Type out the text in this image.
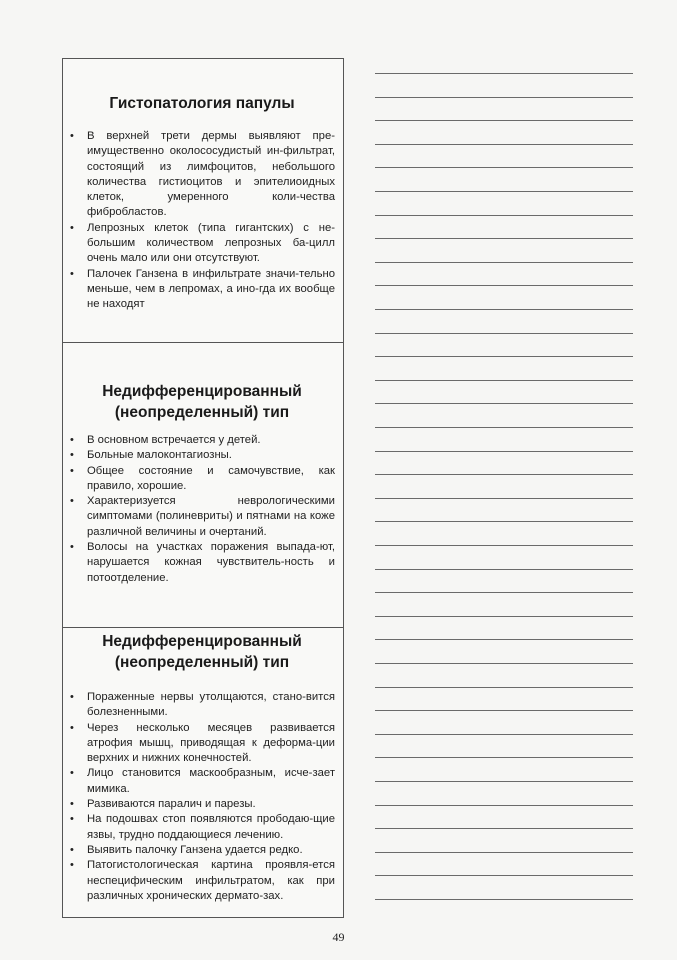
Гистопатология папулы
• В верхней трети дермы выявляют пре-имущественно околососудистый ин-фильтрат, состоящий из лимфоцитов, небольшого количества гистиоцитов и эпителиоидных клеток, умеренного коли-чества фибробластов.
• Лепрозных клеток (типа гигантских) с не-большим количеством лепрозных ба-цилл очень мало или они отсутствуют.
• Палочек Ганзена в инфильтрате значи-тельно меньше, чем в лепромах, а ино-гда их вообще не находят
Недифференцированный (неопределенный) тип
• В основном встречается у детей.
• Больные малоконтагиозны.
• Общее состояние и самочувствие, как правило, хорошие.
• Характеризуется неврологическими симптомами (полиневриты) и пятнами на коже различной величины и очертаний.
• Волосы на участках поражения выпада-ют, нарушается кожная чувствитель-ность и потоотделение.
Недифференцированный (неопределенный) тип
• Пораженные нервы утолщаются, стано-вится болезненными.
• Через несколько месяцев развивается атрофия мышц, приводящая к деформа-ции верхних и нижних конечностей.
• Лицо становится маскообразным, исче-зает мимика.
• Развиваются паралич и парезы.
• На подошвах стоп появляются прободаю-щие язвы, трудно поддающиеся лечению.
• Выявить палочку Ганзена удается редко.
• Патогистологическая картина проявля-ется неспецифическим инфильтратом, как при различных хронических дермато-зах.
49
